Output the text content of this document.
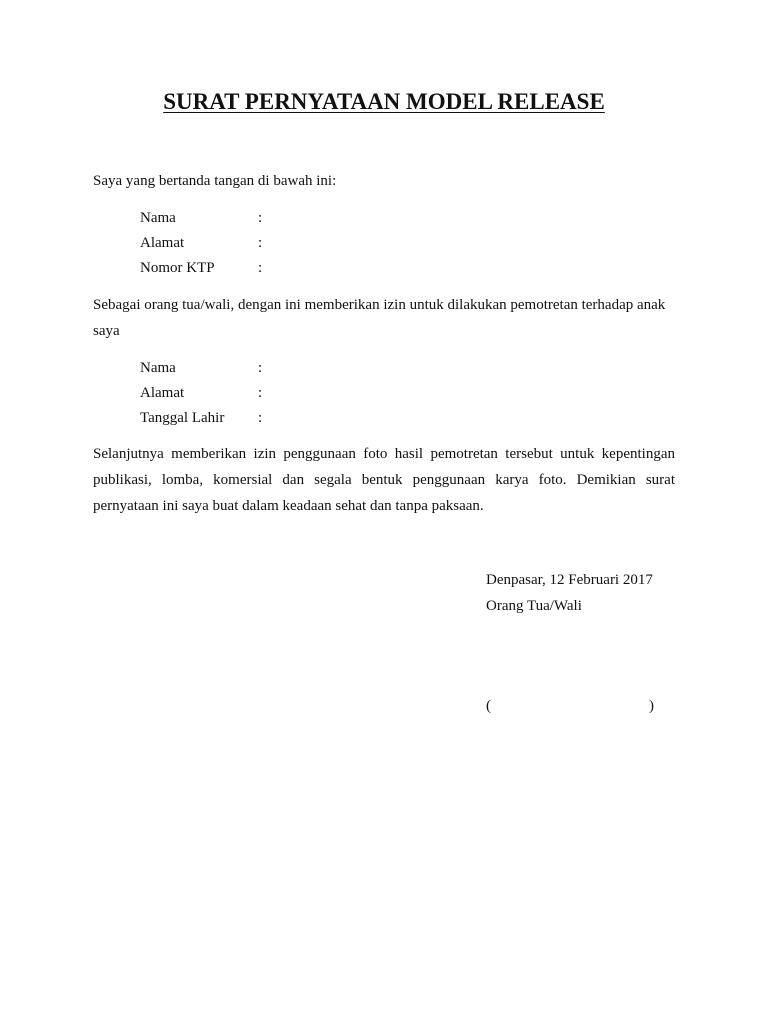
SURAT PERNYATAAN MODEL RELEASE
Saya yang bertanda tangan di bawah ini:
Nama	:
Alamat	:
Nomor KTP	:
Sebagai orang tua/wali, dengan ini memberikan izin untuk dilakukan pemotretan terhadap anak saya
Nama	:
Alamat	:
Tanggal Lahir :
Selanjutnya memberikan izin penggunaan foto hasil pemotretan tersebut untuk kepentingan publikasi, lomba, komersial dan segala bentuk penggunaan karya foto. Demikian surat pernyataan ini saya buat dalam keadaan sehat dan tanpa paksaan.
Denpasar, 12 Februari 2017
Orang Tua/Wali
(	)
